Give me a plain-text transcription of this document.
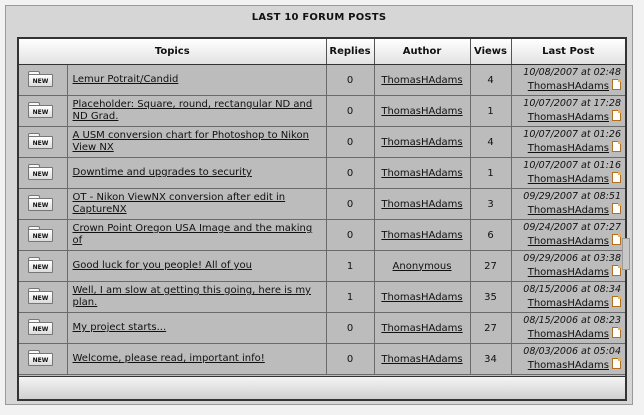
LAST 10 FORUM POSTS
Topics		Replies	Author	Views	Last Post

NEW	Lemur Potrait/Candid	0	ThomasHAdams	4	10/08/2007 at 02:48
ThomasHAdams

NEW	Placeholder: Square, round, rectangular ND and ND Grad.	0	ThomasHAdams	1	10/07/2007 at 17:28
ThomasHAdams

NEW	A USM conversion chart for Photoshop to Nikon View NX	0	ThomasHAdams	4	10/07/2007 at 01:26
ThomasHAdams

NEW	Downtime and upgrades to security	0	ThomasHAdams	1	10/07/2007 at 01:16
ThomasHAdams

NEW	OT - Nikon ViewNX conversion after edit in CaptureNX	0	ThomasHAdams	3	09/29/2007 at 08:51
ThomasHAdams

NEW	Crown Point Oregon USA Image and the making of	0	ThomasHAdams	6	09/24/2007 at 07:27
ThomasHAdams

NEW	Good luck for you people! All of you	1	Anonymous	27	09/29/2006 at 03:38
ThomasHAdams

NEW	Well, I am slow at getting this going, here is my plan.	1	ThomasHAdams	35	08/15/2006 at 08:34
ThomasHAdams

NEW	My project starts...	0	ThomasHAdams	27	08/15/2006 at 08:23
ThomasHAdams

NEW	Welcome, please read, important info!	0	ThomasHAdams	34	08/03/2006 at 05:04
ThomasHAdams
